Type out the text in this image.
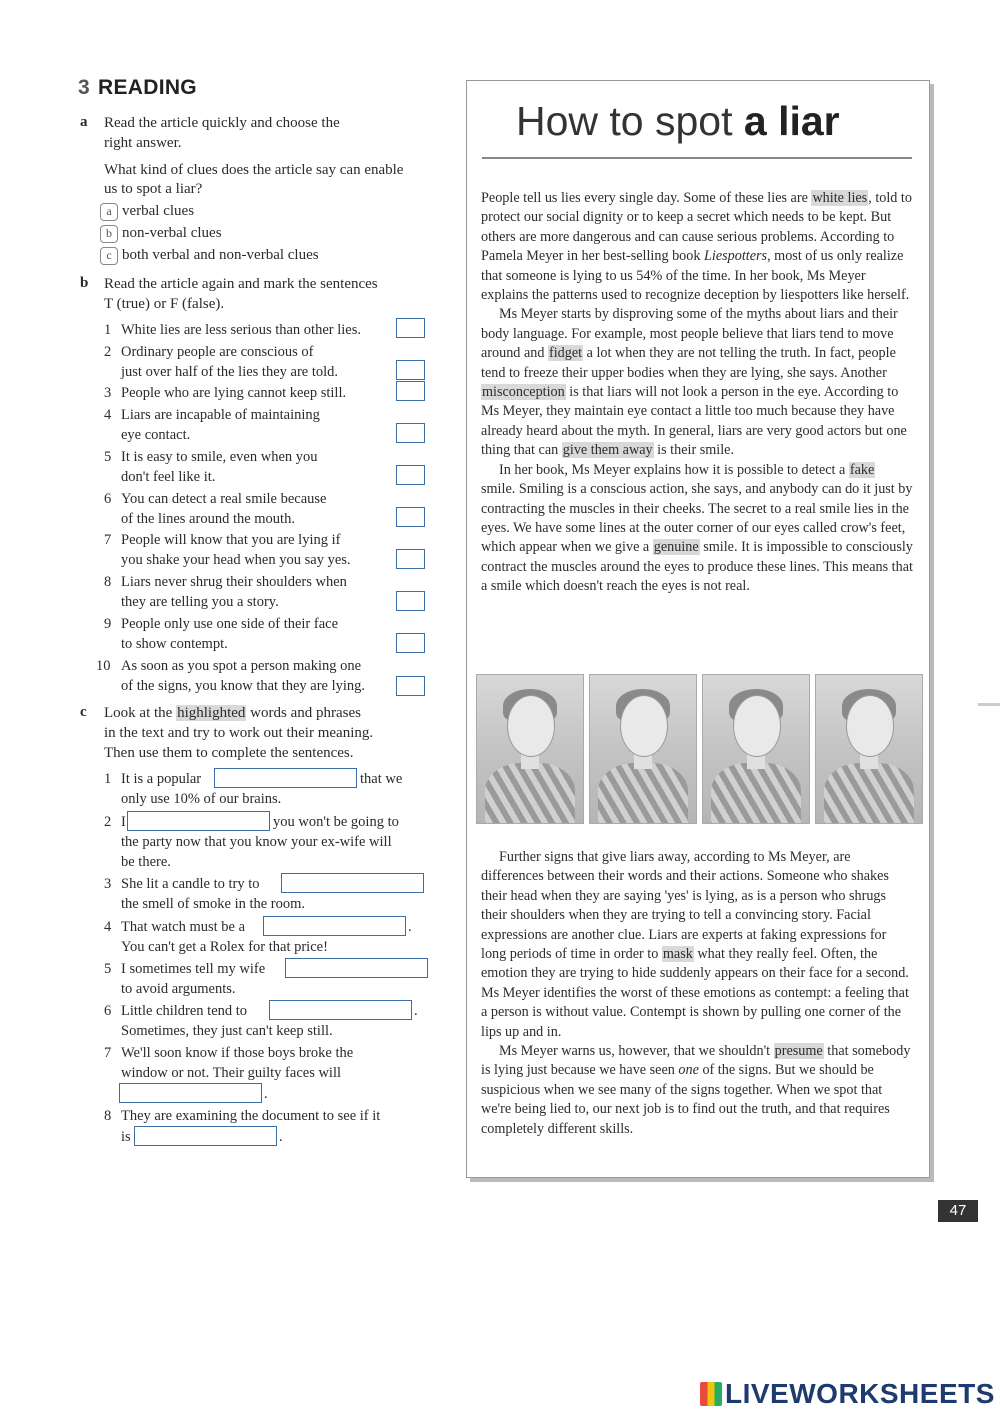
3 READING
a Read the article quickly and choose the
right answer.
What kind of clues does the article say can enable
us to spot a liar?
a verbal clues
b non-verbal clues
c both verbal and non-verbal clues
b Read the article again and mark the sentences
T (true) or F (false).
1 White lies are less serious than other lies.
2 Ordinary people are conscious of
just over half of the lies they are told.
3 People who are lying cannot keep still.
4 Liars are incapable of maintaining
eye contact.
5 It is easy to smile, even when you
don't feel like it.
6 You can detect a real smile because
of the lines around the mouth.
7 People will know that you are lying if
you shake your head when you say yes.
8 Liars never shrug their shoulders when
they are telling you a story.
9 People only use one side of their face
to show contempt.
10 As soon as you spot a person making one
of the signs, you know that they are lying.
c Look at the highlighted words and phrases
in the text and try to work out their meaning.
Then use them to complete the sentences.
1 It is a popular	that we
only use 10% of our brains.
2 I	you won't be going to
the party now that you know your ex-wife will
be there.
3 She lit a candle to try to
the smell of smoke in the room.
4 That watch must be a	.
You can't get a Rolex for that price!
5 I sometimes tell my wife
to avoid arguments.
6 Little children tend to	.
Sometimes, they just can't keep still.
7 We'll soon know if those boys broke the
window or not. Their guilty faces will
.
8 They are examining the document to see if it
is	.
How to spot a liar

People tell us lies every single day. Some of these lies are white lies, told to protect our social dignity or to keep a secret which needs to be kept. But others are more dangerous and can cause serious problems. According to Pamela Meyer in her best-selling book Liespotters, most of us only realize that someone is lying to us 54% of the time. In her book, Ms Meyer explains the patterns used to recognize deception by liespotters like herself.

Ms Meyer starts by disproving some of the myths about liars and their body language. For example, most people believe that liars tend to move around and fidget a lot when they are not telling the truth. In fact, people tend to freeze their upper bodies when they are lying, she says. Another misconception is that liars will not look a person in the eye. According to Ms Meyer, they maintain eye contact a little too much because they have already heard about the myth. In general, liars are very good actors but one thing that can give them away is their smile.

In her book, Ms Meyer explains how it is possible to detect a fake smile. Smiling is a conscious action, she says, and anybody can do it just by contracting the muscles in their cheeks. The secret to a real smile lies in the eyes. We have some lines at the outer corner of our eyes called crow's feet, which appear when we give a genuine smile. It is impossible to consciously contract the muscles around the eyes to produce these lines. This means that a smile which doesn't reach the eyes is not real.

Further signs that give liars away, according to Ms Meyer, are differences between their words and their actions. Someone who shakes their head when they are saying 'yes' is lying, as is a person who shrugs their shoulders when they are trying to tell a convincing story. Facial expressions are another clue. Liars are experts at faking expressions for long periods of time in order to mask what they really feel. Often, the emotion they are trying to hide suddenly appears on their face for a second. Ms Meyer identifies the worst of these emotions as contempt: a feeling that a person is without value. Contempt is shown by pulling one corner of the lips up and in.

Ms Meyer warns us, however, that we shouldn't presume that somebody is lying just because we have seen one of the signs. But we should be suspicious when we see many of the signs together. When we spot that we're being lied to, our next job is to find out the truth, and that requires completely different skills.

47
LIVEWORKSHEETS
